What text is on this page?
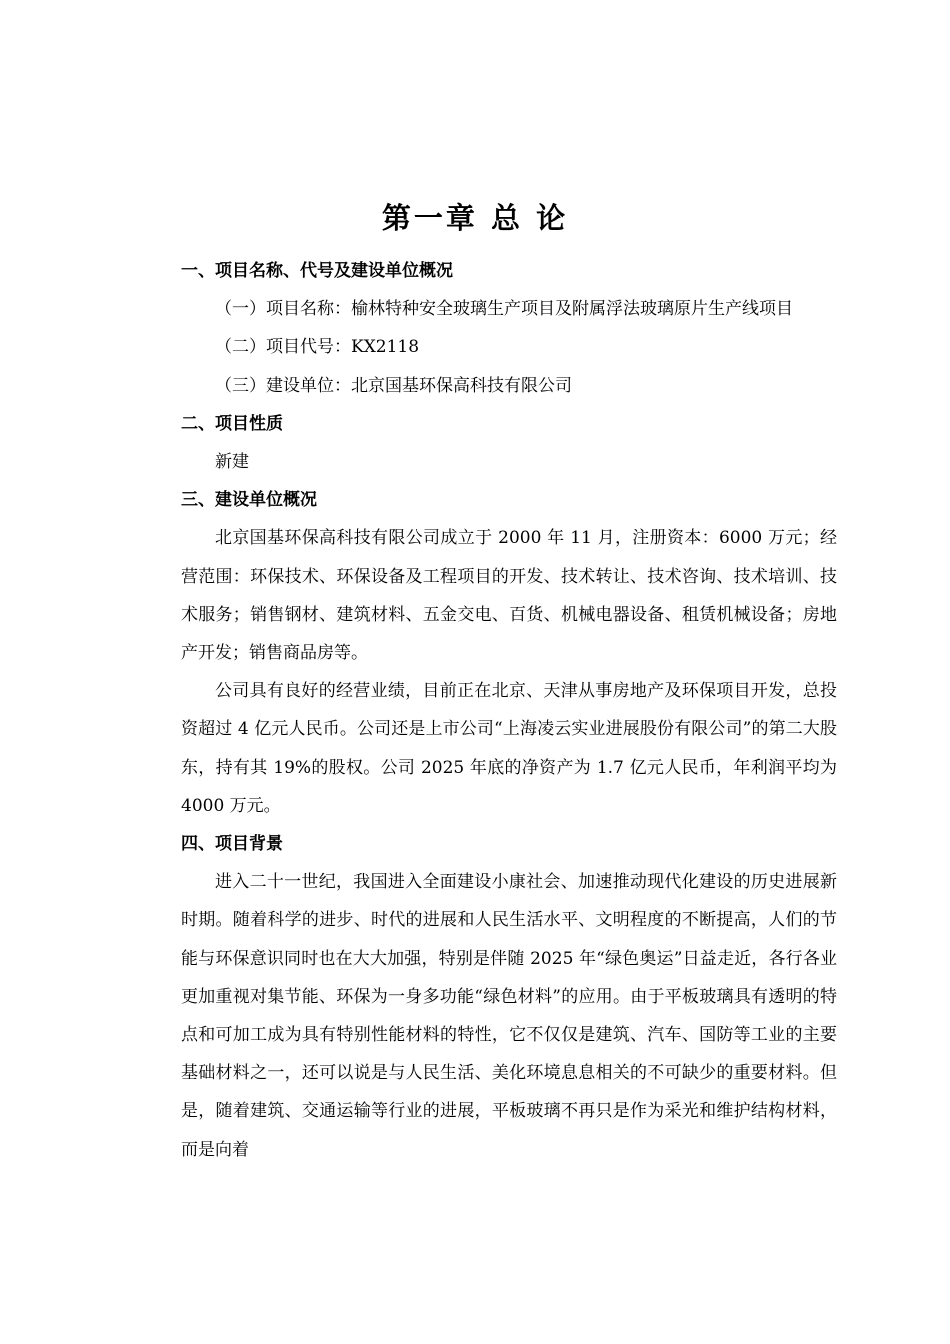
第一章 总 论

一、项目名称、代号及建设单位概况

（一）项目名称：榆林特种安全玻璃生产项目及附属浮法玻璃原片生产线项目

（二）项目代号：KX2118

（三）建设单位：北京国基环保高科技有限公司

二、项目性质

新建

三、建设单位概况

北京国基环保高科技有限公司成立于 2000 年 11 月，注册资本：6000 万元；经营范围：环保技术、环保设备及工程项目的开发、技术转让、技术咨询、技术培训、技术服务；销售钢材、建筑材料、五金交电、百货、机械电器设备、租赁机械设备；房地产开发；销售商品房等。

公司具有良好的经营业绩，目前正在北京、天津从事房地产及环保项目开发，总投资超过 4 亿元人民币。公司还是上市公司“上海凌云实业进展股份有限公司”的第二大股东，持有其 19%的股权。公司 2025 年底的净资产为 1.7 亿元人民币，年利润平均为 4000 万元。

四、项目背景

进入二十一世纪，我国进入全面建设小康社会、加速推动现代化建设的历史进展新时期。随着科学的进步、时代的进展和人民生活水平、文明程度的不断提高，人们的节能与环保意识同时也在大大加强，特别是伴随 2025 年“绿色奥运”日益走近，各行各业更加重视对集节能、环保为一身多功能“绿色材料”的应用。由于平板玻璃具有透明的特点和可加工成为具有特别性能材料的特性，它不仅仅是建筑、汽车、国防等工业的主要基础材料之一，还可以说是与人民生活、美化环境息息相关的不可缺少的重要材料。但是，随着建筑、交通运输等行业的进展，平板玻璃不再只是作为采光和维护结构材料，而是向着
